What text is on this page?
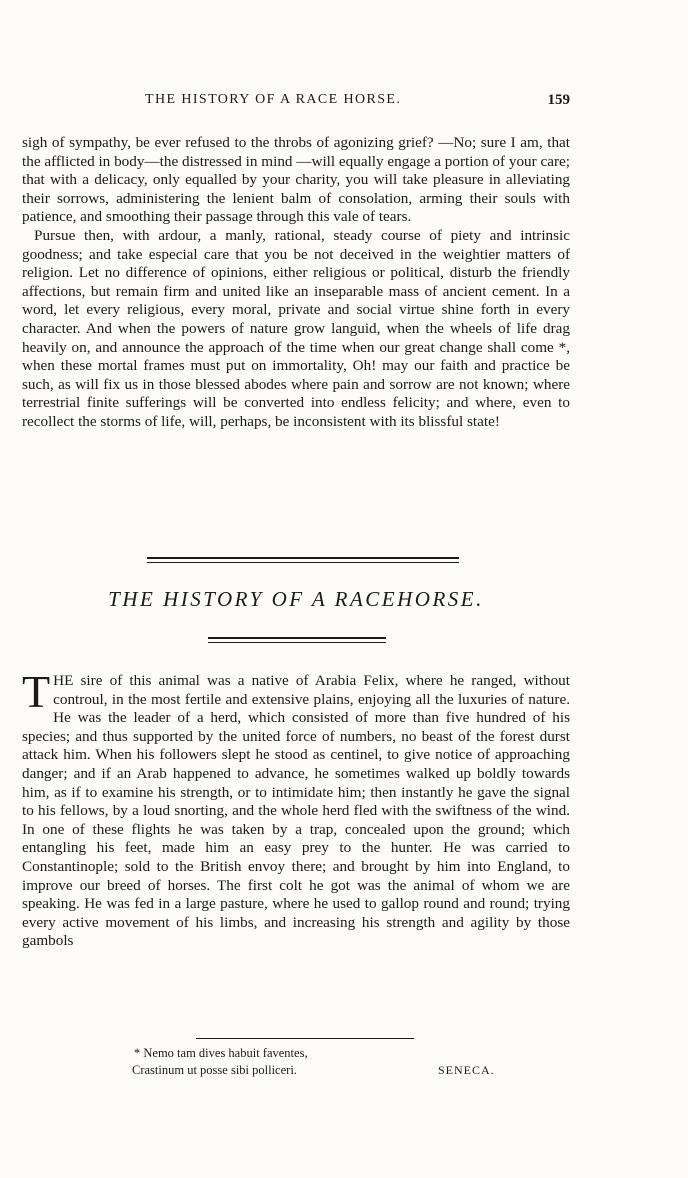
THE HISTORY OF A RACE HORSE.	159

sigh of sympathy, be ever refused to the throbs of agonizing grief? —No; sure I am, that the afflicted in body—the distressed in mind —will equally engage a portion of your care; that with a delicacy, only equalled by your charity, you will take pleasure in alleviating their sorrows, administering the lenient balm of consolation, arming their souls with patience, and smoothing their passage through this vale of tears.

Pursue then, with ardour, a manly, rational, steady course of piety and intrinsic goodness; and take especial care that you be not deceived in the weightier matters of religion. Let no difference of opinions, either religious or political, disturb the friendly affections, but remain firm and united like an inseparable mass of ancient cement. In a word, let every religious, every moral, private and social virtue shine forth in every character. And when the powers of nature grow languid, when the wheels of life drag heavily on, and announce the approach of the time when our great change shall come *, when these mortal frames must put on immortality, Oh! may our faith and practice be such, as will fix us in those blessed abodes where pain and sorrow are not known; where terrestrial finite sufferings will be converted into endless felicity; and where, even to recollect the storms of life, will, perhaps, be inconsistent with its blissful state!

THE HISTORY OF A RACEHORSE.

THE sire of this animal was a native of Arabia Felix, where he ranged, without controul, in the most fertile and extensive plains, enjoying all the luxuries of nature. He was the leader of a herd, which consisted of more than five hundred of his species; and thus supported by the united force of numbers, no beast of the forest durst attack him. When his followers slept he stood as centinel, to give notice of approaching danger; and if an Arab happened to advance, he sometimes walked up boldly towards him, as if to examine his strength, or to intimidate him; then instantly he gave the signal to his fellows, by a loud snorting, and the whole herd fled with the swiftness of the wind. In one of these flights he was taken by a trap, concealed upon the ground; which entangling his feet, made him an easy prey to the hunter. He was carried to Constantinople; sold to the British envoy there; and brought by him into England, to improve our breed of horses. The first colt he got was the animal of whom we are speaking. He was fed in a large pasture, where he used to gallop round and round; trying every active movement of his limbs, and increasing his strength and agility by those gambols

* Nemo tam dives habuit faventes,
Crastinum ut posse sibi polliceri.	SENECA.
